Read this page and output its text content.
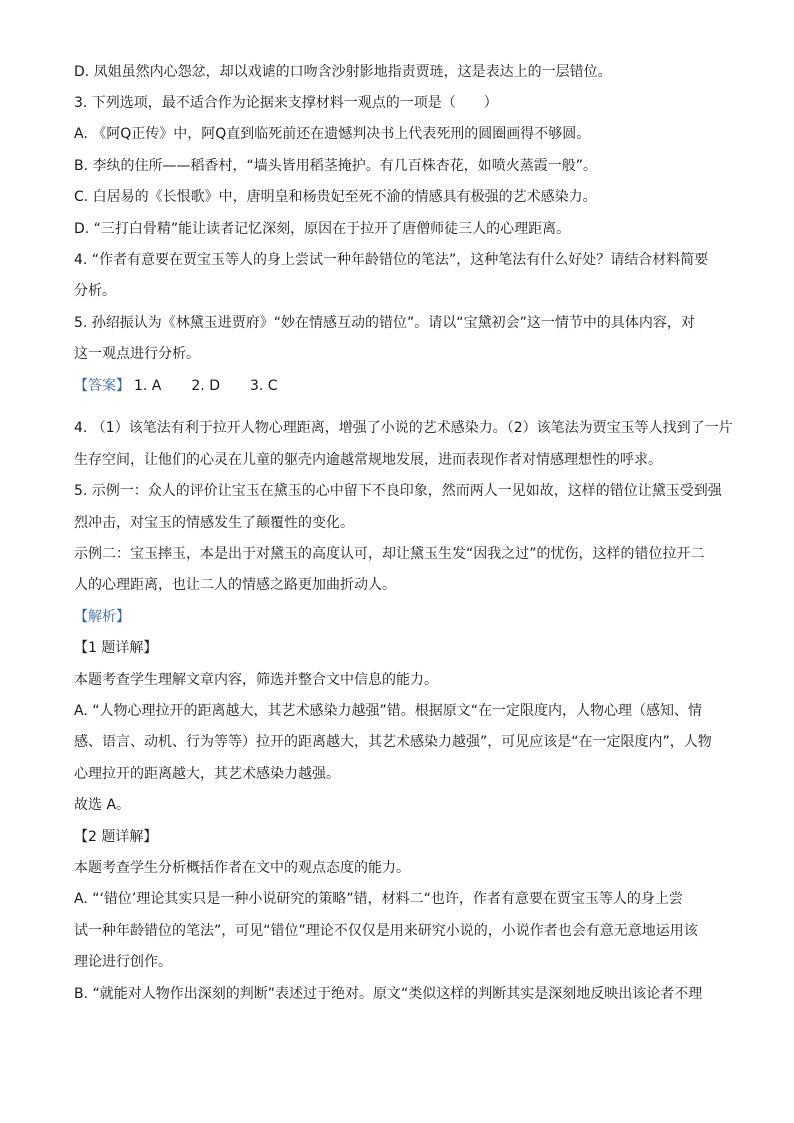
D. 凤姐虽然内心怨忿，却以戏谑的口吻含沙射影地指责贾琏，这是表达上的一层错位。
3. 下列选项，最不适合作为论据来支撑材料一观点的一项是（　　）
A. 《阿Q正传》中，阿Q直到临死前还在遗憾判决书上代表死刑的圆圈画得不够圆。
B. 李纨的住所——稻香村，“墙头皆用稻茎掩护。有几百株杏花，如喷火蒸霞一般”。
C. 白居易的《长恨歌》中，唐明皇和杨贵妃至死不渝的情感具有极强的艺术感染力。
D. “三打白骨精”能让读者记忆深刻，原因在于拉开了唐僧师徒三人的心理距离。
4. “作者有意要在贾宝玉等人的身上尝试一种年龄错位的笔法”，这种笔法有什么好处？请结合材料简要
分析。
5. 孙绍振认为《林黛玉进贾府》“妙在情感互动的错位”。请以“宝黛初会”这一情节中的具体内容，对
这一观点进行分析。
【答案】 1. A 2. D 3. C
4. （1）该笔法有利于拉开人物心理距离，增强了小说的艺术感染力。（2）该笔法为贾宝玉等人找到了一片
生存空间，让他们的心灵在儿童的躯壳内逾越常规地发展，进而表现作者对情感理想性的呼求。
5. 示例一：众人的评价让宝玉在黛玉的心中留下不良印象，然而两人一见如故，这样的错位让黛玉受到强
烈冲击，对宝玉的情感发生了颠覆性的变化。
示例二：宝玉摔玉，本是出于对黛玉的高度认可，却让黛玉生发“因我之过”的忧伤，这样的错位拉开二
人的心理距离，也让二人的情感之路更加曲折动人。
【解析】
【1 题详解】
本题考查学生理解文章内容，筛选并整合文中信息的能力。
A. “人物心理拉开的距离越大，其艺术感染力越强”错。根据原文“在一定限度内，人物心理（感知、情
感、语言、动机、行为等等）拉开的距离越大，其艺术感染力越强”，可见应该是“在一定限度内”，人物
心理拉开的距离越大，其艺术感染力越强。
故选 A。
【2 题详解】
本题考查学生分析概括作者在文中的观点态度的能力。
A. “‘错位’理论其实只是一种小说研究的策略”错，材料二“也许，作者有意要在贾宝玉等人的身上尝
试一种年龄错位的笔法”，可见“错位”理论不仅仅是用来研究小说的，小说作者也会有意无意地运用该
理论进行创作。
B. “就能对人物作出深刻的判断”表述过于绝对。原文“类似这样的判断其实是深刻地反映出该论者不理
